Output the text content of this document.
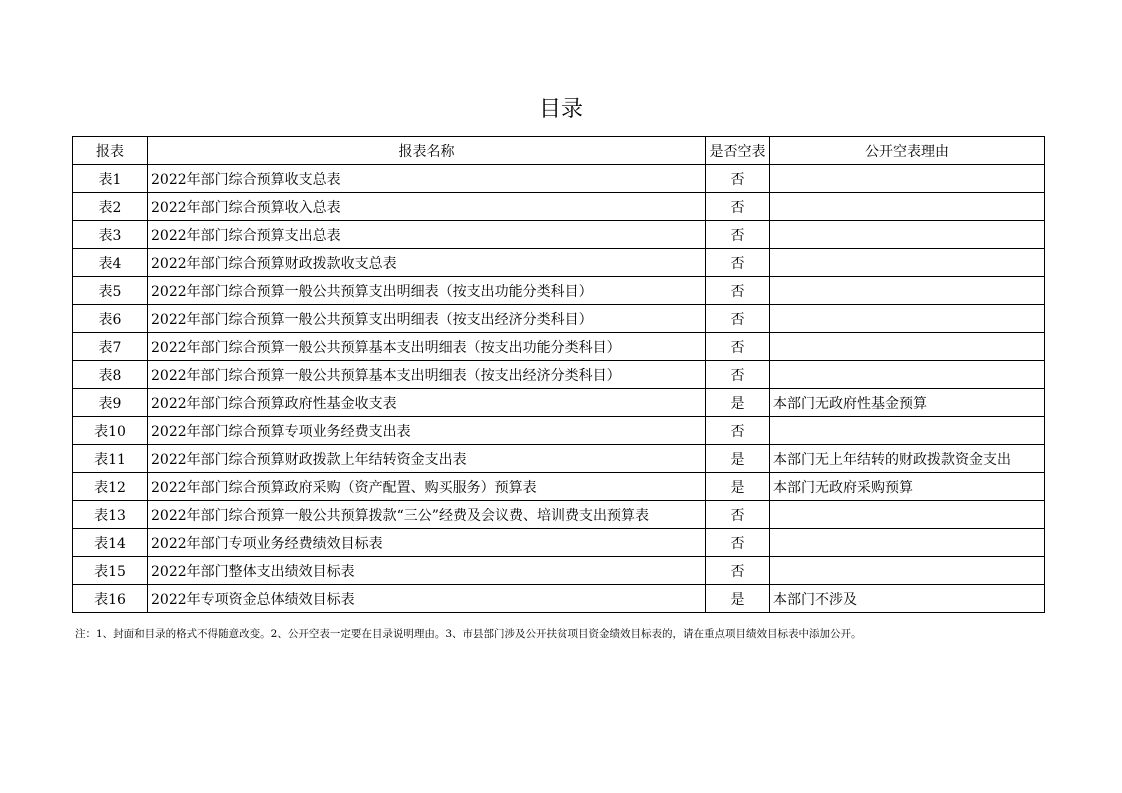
目录
报表	报表名称	是否空表	公开空表理由
表1	2022年部门综合预算收支总表	否	
表2	2022年部门综合预算收入总表	否	
表3	2022年部门综合预算支出总表	否	
表4	2022年部门综合预算财政拨款收支总表	否	
表5	2022年部门综合预算一般公共预算支出明细表（按支出功能分类科目）	否	
表6	2022年部门综合预算一般公共预算支出明细表（按支出经济分类科目）	否	
表7	2022年部门综合预算一般公共预算基本支出明细表（按支出功能分类科目）	否	
表8	2022年部门综合预算一般公共预算基本支出明细表（按支出经济分类科目）	否	
表9	2022年部门综合预算政府性基金收支表	是	本部门无政府性基金预算
表10	2022年部门综合预算专项业务经费支出表	否	
表11	2022年部门综合预算财政拨款上年结转资金支出表	是	本部门无上年结转的财政拨款资金支出
表12	2022年部门综合预算政府采购（资产配置、购买服务）预算表	是	本部门无政府采购预算
表13	2022年部门综合预算一般公共预算拨款“三公”经费及会议费、培训费支出预算表	否	
表14	2022年部门专项业务经费绩效目标表	否	
表15	2022年部门整体支出绩效目标表	否	
表16	2022年专项资金总体绩效目标表	是	本部门不涉及
注：1、封面和目录的格式不得随意改变。2、公开空表一定要在目录说明理由。3、市县部门涉及公开扶贫项目资金绩效目标表的，请在重点项目绩效目标表中添加公开。
